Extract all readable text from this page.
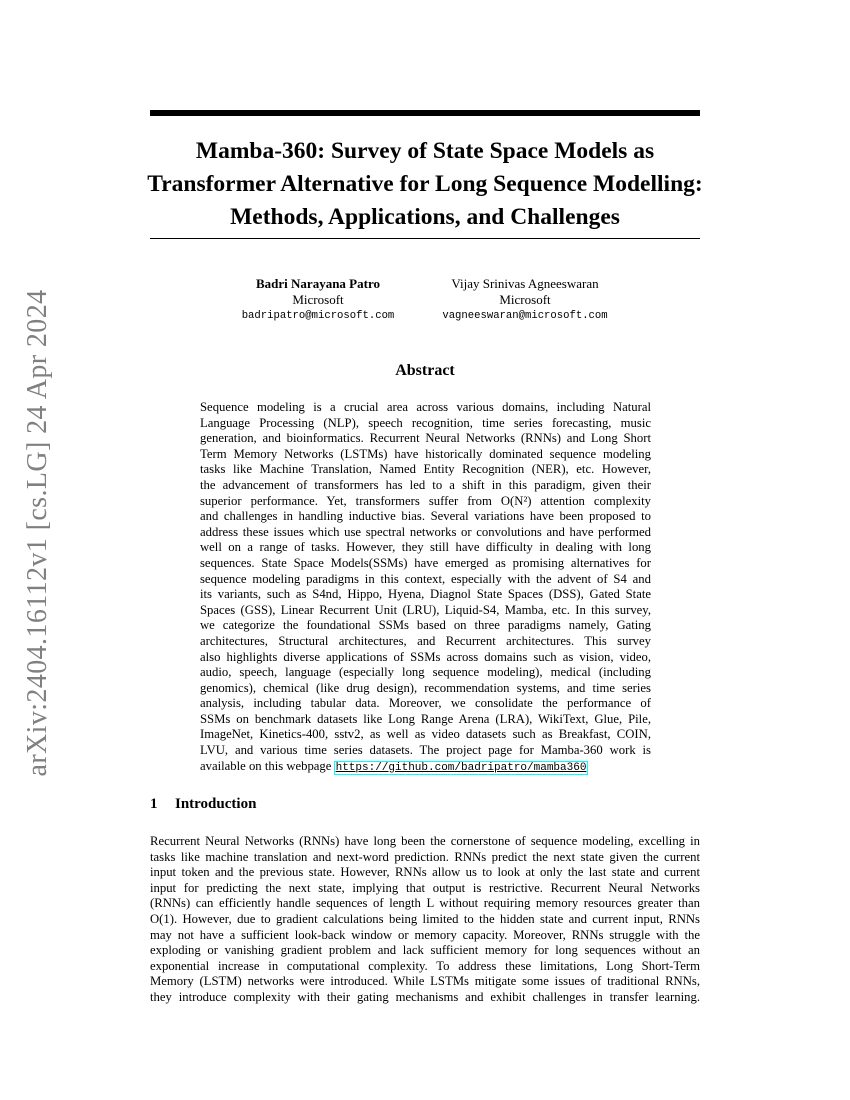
arXiv:2404.16112v1 [cs.LG] 24 Apr 2024
Mamba-360: Survey of State Space Models as
Transformer Alternative for Long Sequence Modelling:
Methods, Applications, and Challenges
Badri Narayana Patro
Microsoft
badripatro@microsoft.com
Vijay Srinivas Agneeswaran
Microsoft
vagneeswaran@microsoft.com
Abstract
Sequence modeling is a crucial area across various domains, including Natural
Language Processing (NLP), speech recognition, time series forecasting, music
generation, and bioinformatics. Recurrent Neural Networks (RNNs) and Long Short
Term Memory Networks (LSTMs) have historically dominated sequence modeling
tasks like Machine Translation, Named Entity Recognition (NER), etc. However,
the advancement of transformers has led to a shift in this paradigm, given their
superior performance. Yet, transformers suffer from O(N²) attention complexity
and challenges in handling inductive bias. Several variations have been proposed to
address these issues which use spectral networks or convolutions and have performed
well on a range of tasks. However, they still have difficulty in dealing with long
sequences. State Space Models(SSMs) have emerged as promising alternatives for
sequence modeling paradigms in this context, especially with the advent of S4 and
its variants, such as S4nd, Hippo, Hyena, Diagnol State Spaces (DSS), Gated State
Spaces (GSS), Linear Recurrent Unit (LRU), Liquid-S4, Mamba, etc. In this survey,
we categorize the foundational SSMs based on three paradigms namely, Gating
architectures, Structural architectures, and Recurrent architectures. This survey
also highlights diverse applications of SSMs across domains such as vision, video,
audio, speech, language (especially long sequence modeling), medical (including
genomics), chemical (like drug design), recommendation systems, and time series
analysis, including tabular data. Moreover, we consolidate the performance of
SSMs on benchmark datasets like Long Range Arena (LRA), WikiText, Glue, Pile,
ImageNet, Kinetics-400, sstv2, as well as video datasets such as Breakfast, COIN,
LVU, and various time series datasets. The project page for Mamba-360 work is
available on this webpage https://github.com/badripatro/mamba360
1 Introduction
Recurrent Neural Networks (RNNs) have long been the cornerstone of sequence modeling, excelling in
tasks like machine translation and next-word prediction. RNNs predict the next state given the current
input token and the previous state. However, RNNs allow us to look at only the last state and current
input for predicting the next state, implying that output is restrictive. Recurrent Neural Networks
(RNNs) can efficiently handle sequences of length L without requiring memory resources greater than
O(1). However, due to gradient calculations being limited to the hidden state and current input, RNNs
may not have a sufficient look-back window or memory capacity. Moreover, RNNs struggle with the
exploding or vanishing gradient problem and lack sufficient memory for long sequences without an
exponential increase in computational complexity. To address these limitations, Long Short-Term
Memory (LSTM) networks were introduced. While LSTMs mitigate some issues of traditional RNNs,
they introduce complexity with their gating mechanisms and exhibit challenges in transfer learning.
